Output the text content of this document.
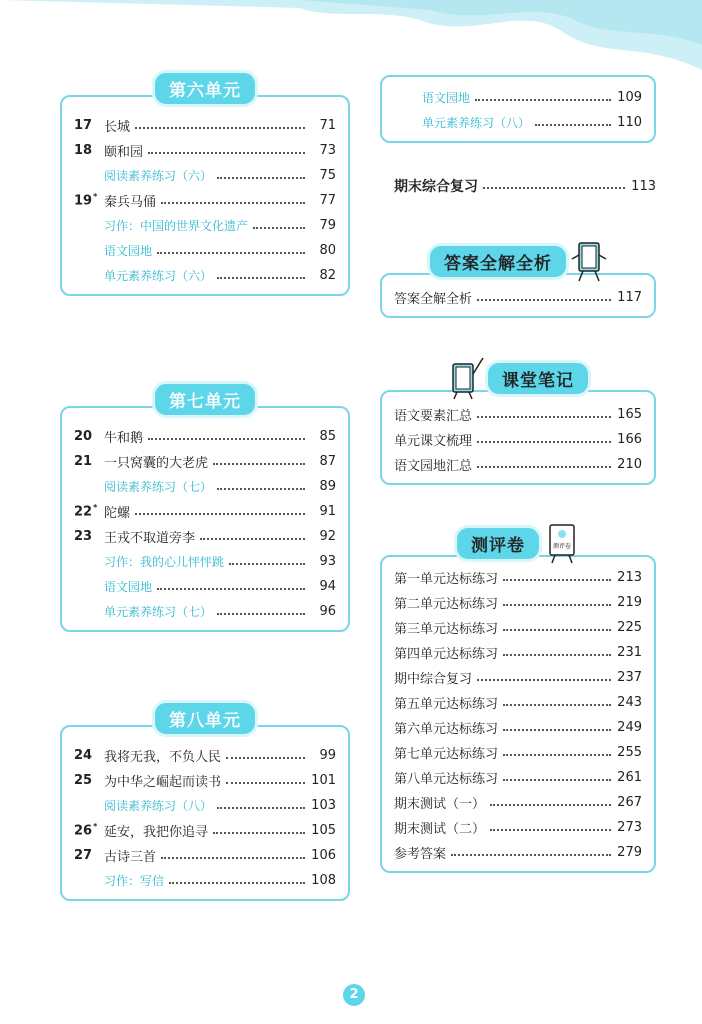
第六单元
17 长城	71
18 颐和园	73
阅读素养练习（六）	75
19* 秦兵马俑	77
习作：中国的世界文化遗产	79
语文园地	80
单元素养练习（六）	82
第七单元
20 牛和鹅	85
21 一只窝囊的大老虎	87
阅读素养练习（七）	89
22* 陀螺	91
23 王戎不取道旁李	92
习作：我的心儿怦怦跳	93
语文园地	94
单元素养练习（七）	96
第八单元
24 我将无我，不负人民	99
25 为中华之崛起而读书	101
阅读素养练习（八）	103
26* 延安，我把你追寻	105
27 古诗三首	106
习作：写信	108
语文园地	109
单元素养练习（八）	110
期末综合复习	113
答案全解全析
答案全解全析	117
课堂笔记
语文要素汇总	165
单元课文梳理	166
语文园地汇总	210
测评卷	测评卷
第一单元达标练习	213
第二单元达标练习	219
第三单元达标练习	225
第四单元达标练习	231
期中综合复习	237
第五单元达标练习	243
第六单元达标练习	249
第七单元达标练习	255
第八单元达标练习	261
期末测试（一）	267
期末测试（二）	273
参考答案	279
2
